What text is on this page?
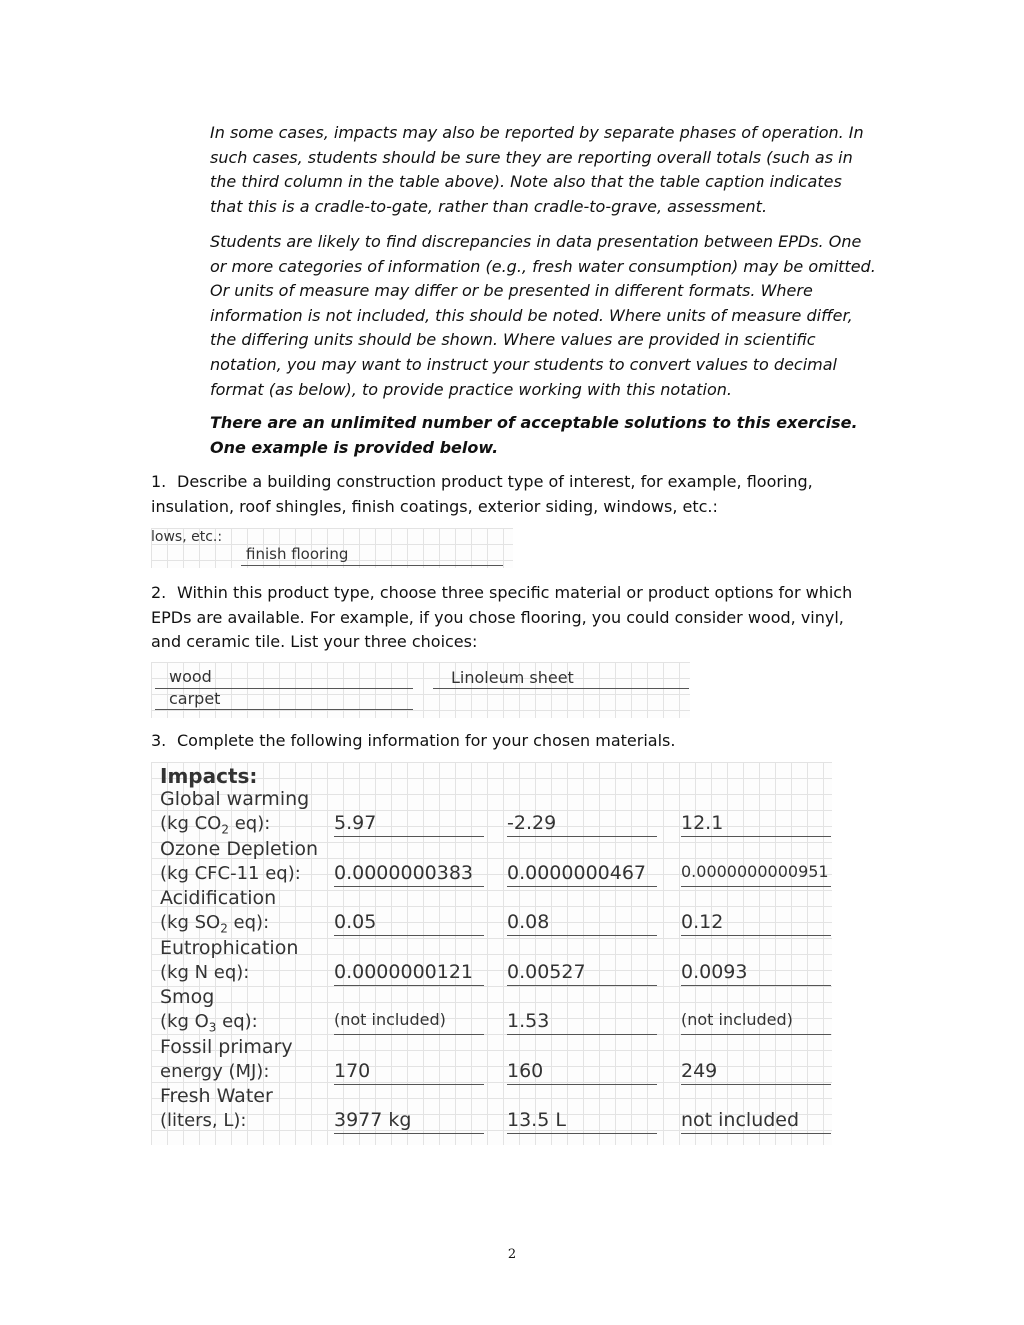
In some cases, impacts may also be reported by separate phases of operation. In such cases, students should be sure they are reporting overall totals (such as in the third column in the table above). Note also that the table caption indicates that this is a cradle-to-gate, rather than cradle-to-grave, assessment.
Students are likely to find discrepancies in data presentation between EPDs. One or more categories of information (e.g., fresh water consumption) may be omitted. Or units of measure may differ or be presented in different formats. Where information is not included, this should be noted. Where units of measure differ, the differing units should be shown. Where values are provided in scientific notation, you may want to instruct your students to convert values to decimal format (as below), to provide practice working with this notation.
There are an unlimited number of acceptable solutions to this exercise. One example is provided below.
1. Describe a building construction product type of interest, for example, flooring, insulation, roof shingles, finish coatings, exterior siding, windows, etc.:
lows, etc.:
finish flooring
2. Within this product type, choose three specific material or product options for which EPDs are available. For example, if you chose flooring, you could consider wood, vinyl, and ceramic tile. List your three choices:
wood
carpet
Linoleum sheet
3. Complete the following information for your chosen materials.
Impacts:
Global warming
(kg $CO_2$ eq):	5.97	-2.29	12.1
Ozone Depletion
(kg CFC-11 eq): 0.0000000383 0.0000000467 0.0000000000951
Acidification
(kg $SO_2$ eq):	0.05	0.08	0.12
Eutrophication
(kg N eq):	0.0000000121 0.00527	0.0093
Smog
(kg $O_3$ eq):	(not included)	1.53	(not included)
Fossil primary
energy (MJ):	170	160	249
Fresh Water
(liters, L):	3977 kg	13.5 L	not included
2
